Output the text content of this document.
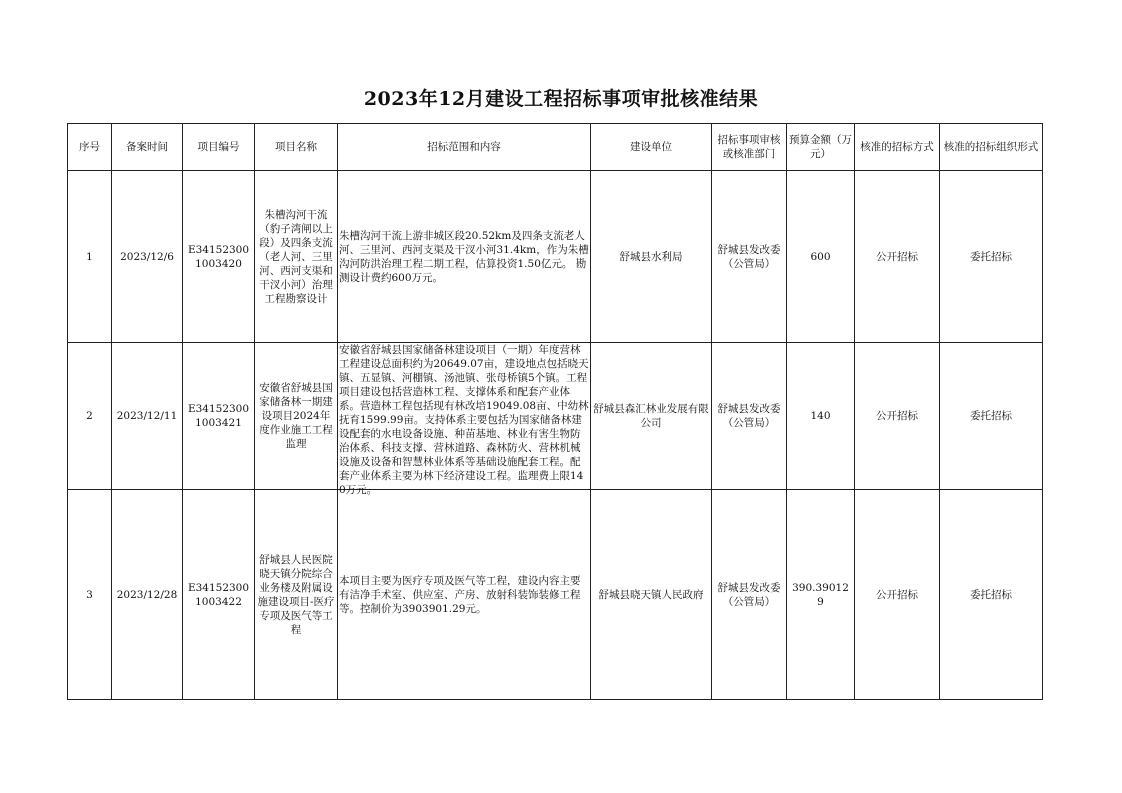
2023年12月建设工程招标事项审批核准结果
序号	备案时间	项目编号	项目名称	招标范围和内容	建设单位	招标事项审核或核准部门	预算金额（万元）	核准的招标方式	核准的招标组织形式
1	2023/12/6	E341523001003420	朱槽沟河干流（豹子湾闸以上段）及四条支流（老人河、三里河、西河支渠和干汊小河）治理工程勘察设计	朱槽沟河干流上游非城区段20.52km及四条支流老人河、三里河、西河支渠及干汊小河31.4km，作为朱槽沟河防洪治理工程二期工程，估算投资1.50亿元。 勘测设计费约600万元。	舒城县水利局	舒城县发改委（公管局）	600	公开招标	委托招标
2	2023/12/11	E341523001003421	安徽省舒城县国家储备林一期建设项目2024年度作业施工工程监理	安徽省舒城县国家储备林建设项目（一期）年度营林工程建设总面积约为20649.07亩，建设地点包括晓天镇、五显镇、河棚镇、汤池镇、张母桥镇5个镇。工程项目建设包括营造林工程、支撑体系和配套产业体系。营造林工程包括现有林改培19049.08亩、中幼林抚育1599.99亩。支持体系主要包括为国家储备林建设配套的水电设备设施、种苗基地、林业有害生物防治体系、科技支撑、营林道路、森林防火、营林机械设施及设备和智慧林业体系等基础设施配套工程。配套产业体系主要为林下经济建设工程。监理费上限140万元。	舒城县森汇林业发展有限公司	舒城县发改委（公管局）	140	公开招标	委托招标
3	2023/12/28	E341523001003422	舒城县人民医院晓天镇分院综合业务楼及附属设施建设项目-医疗专项及医气等工程	本项目主要为医疗专项及医气等工程，建设内容主要有洁净手术室、供应室、产房、放射科装饰装修工程等。控制价为3903901.29元。	舒城县晓天镇人民政府	舒城县发改委（公管局）	390.390129	公开招标	委托招标
